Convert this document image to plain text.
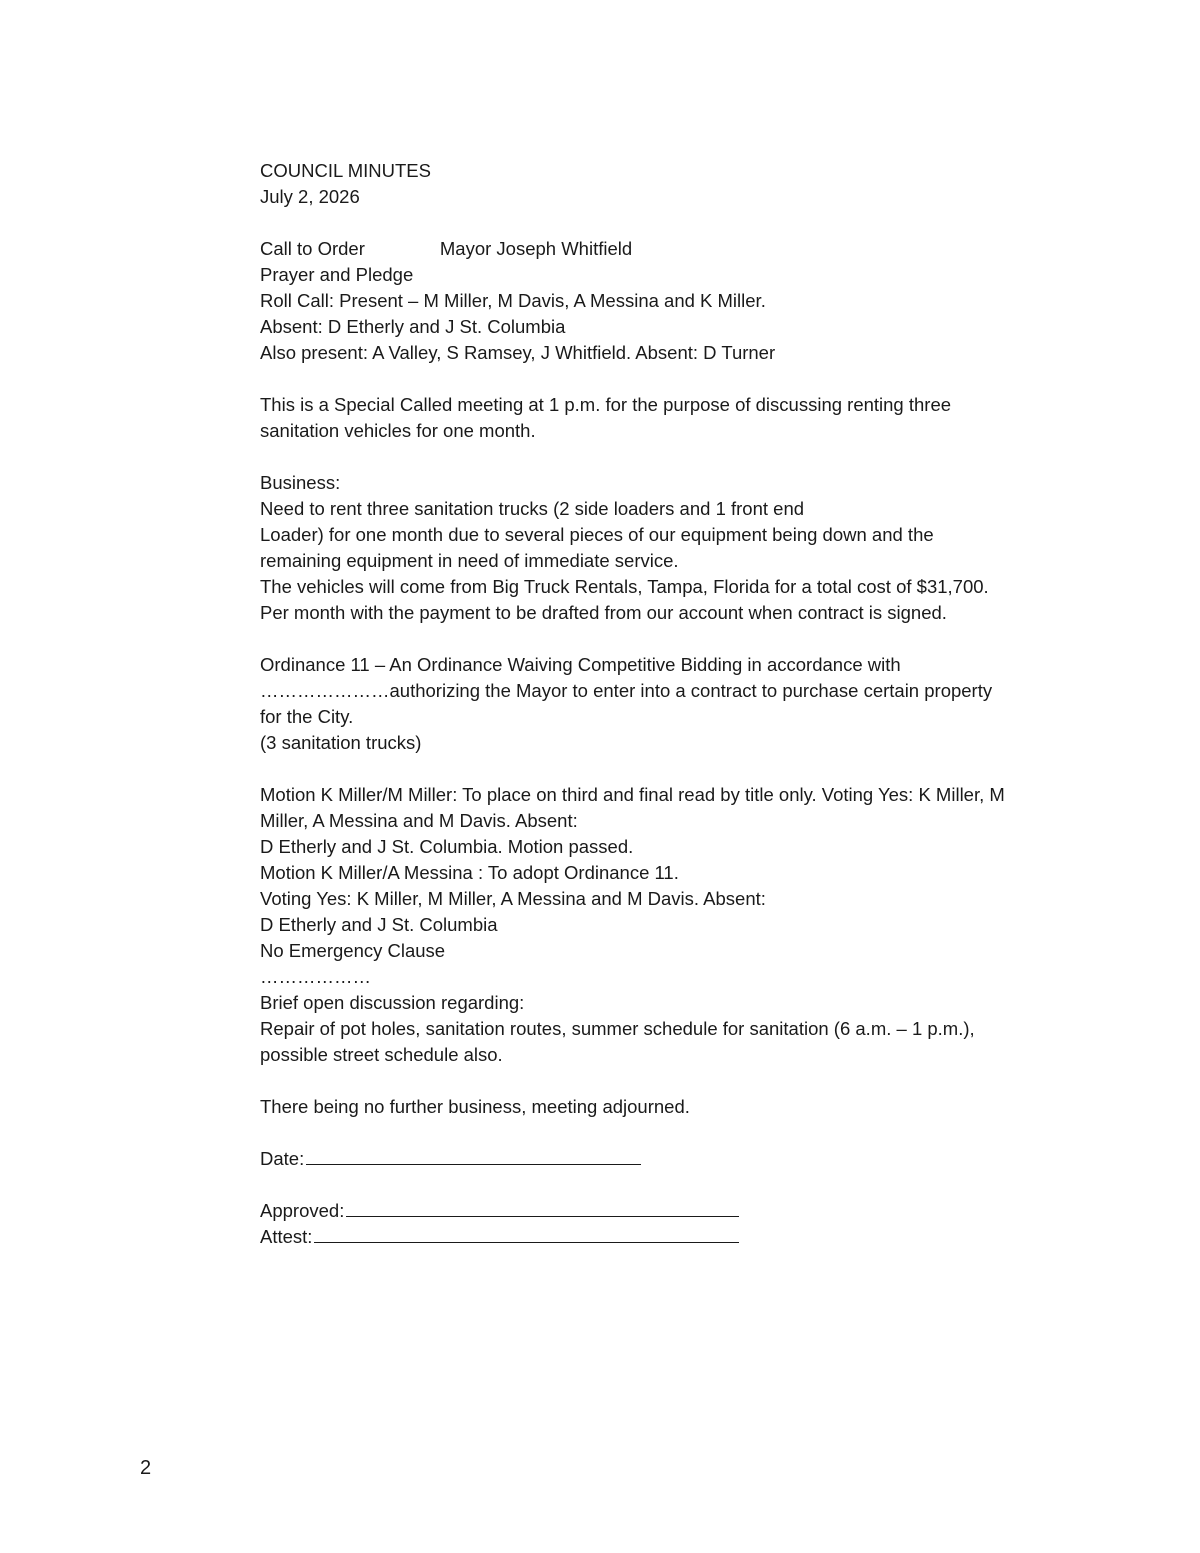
COUNCIL MINUTES
July 2, 2026
Call to Order	Mayor Joseph Whitfield
Prayer and Pledge
Roll Call: Present – M Miller, M Davis, A Messina and K Miller.
Absent: D Etherly and J St. Columbia
Also present: A Valley, S Ramsey, J Whitfield. Absent: D Turner
This is a Special Called meeting at 1 p.m. for the purpose of discussing renting three
sanitation vehicles for one month.
Business:
Need to rent three sanitation trucks (2 side loaders and 1 front end
Loader) for one month due to several pieces of our equipment being down and the
remaining equipment in need of immediate service.
The vehicles will come from Big Truck Rentals, Tampa, Florida for a total cost of $31,700.
Per month with the payment to be drafted from our account when contract is signed.
Ordinance 11 – An Ordinance Waiving Competitive Bidding in accordance with
…………………authorizing the Mayor to enter into a contract to purchase certain property
for the City.
(3 sanitation trucks)
Motion K Miller/M Miller: To place on third and final read by title only. Voting Yes: K Miller, M
Miller, A Messina and M Davis. Absent:
D Etherly and J St. Columbia. Motion passed.
Motion K Miller/A Messina : To adopt Ordinance 11.
Voting Yes: K Miller, M Miller, A Messina and M Davis. Absent:
D Etherly and J St. Columbia
No Emergency Clause
………………
Brief open discussion regarding:
Repair of pot holes, sanitation routes, summer schedule for sanitation (6 a.m. – 1 p.m.),
possible street schedule also.
There being no further business, meeting adjourned.
Date:
Approved:
Attest:
2
